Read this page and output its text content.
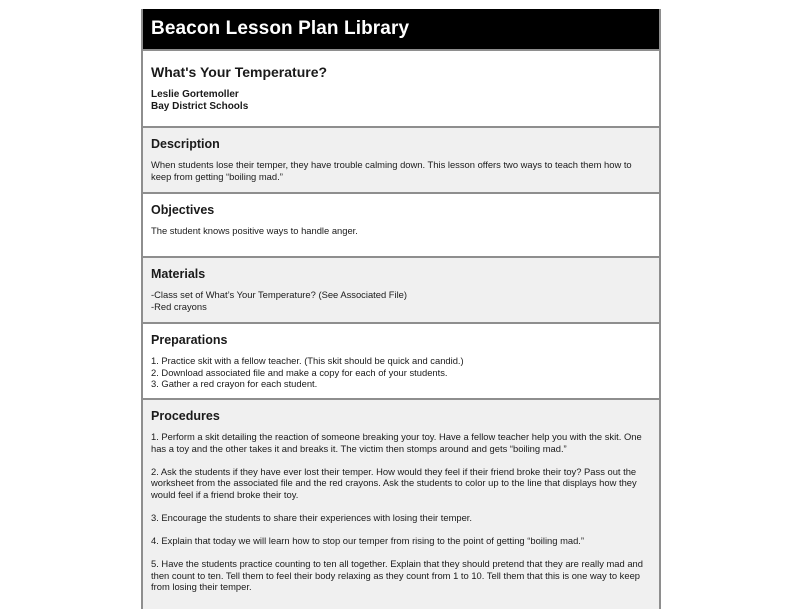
Beacon Lesson Plan Library
What's Your Temperature?
Leslie Gortemoller
Bay District Schools
Description
When students lose their temper, they have trouble calming down. This lesson offers two ways to teach them how to keep from getting “boiling mad.”
Objectives
The student knows positive ways to handle anger.
Materials
-Class set of What’s Your Temperature? (See Associated File)
-Red crayons
Preparations
1. Practice skit with a fellow teacher. (This skit should be quick and candid.)
2. Download associated file and make a copy for each of your students.
3. Gather a red crayon for each student.
Procedures

1. Perform a skit detailing the reaction of someone breaking your toy. Have a fellow teacher help you with the skit. One has a toy and the other takes it and breaks it. The victim then stomps around and gets “boiling mad.”

2. Ask the students if they have ever lost their temper. How would they feel if their friend broke their toy? Pass out the worksheet from the associated file and the red crayons. Ask the students to color up to the line that displays how they would feel if a friend broke their toy.

3. Encourage the students to share their experiences with losing their temper.

4. Explain that today we will learn how to stop our temper from rising to the point of getting “boiling mad.”

5. Have the students practice counting to ten all together. Explain that they should pretend that they are really mad and then count to ten. Tell them to feel their body relaxing as they count from 1 to 10. Tell them that this is one way to keep from losing their temper.
